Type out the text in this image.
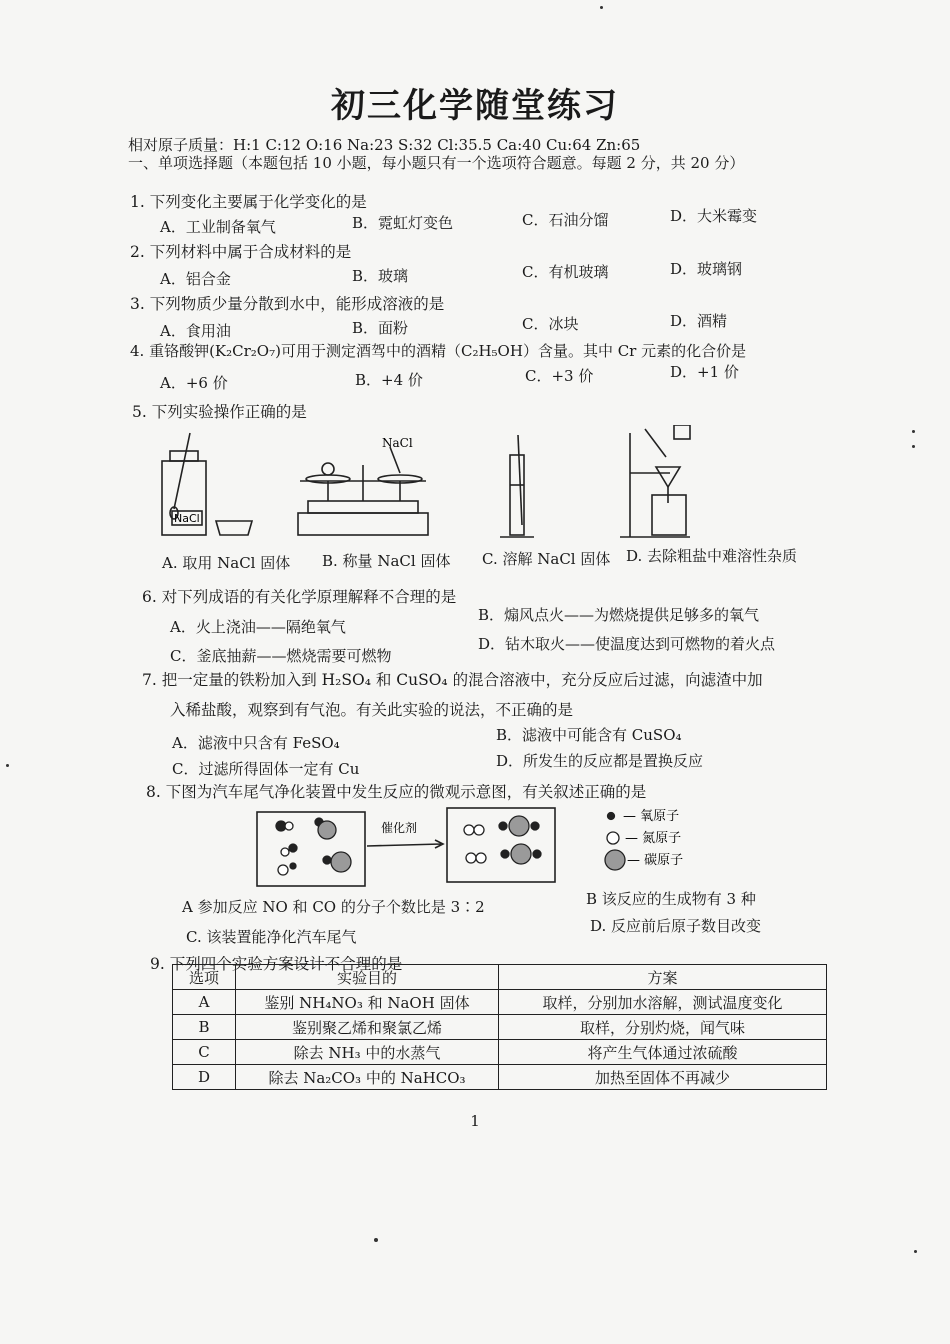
初三化学随堂练习
相对原子质量：H:1 C:12 O:16 Na:23 S:32 Cl:35.5 Ca:40 Cu:64 Zn:65
一、单项选择题（本题包括 10 小题，每小题只有一个选项符合题意。每题 2 分，共 20 分）
1. 下列变化主要属于化学变化的是
A．工业制备氧气	B．霓虹灯变色	C．石油分馏	D．大米霉变
2. 下列材料中属于合成材料的是
A．铝合金	B．玻璃	C．有机玻璃	D．玻璃钢
3. 下列物质少量分散到水中，能形成溶液的是
A．食用油	B．面粉	C．冰块	D．酒精
4. 重铬酸钾(K₂Cr₂O₇)可用于测定酒驾中的酒精（C₂H₅OH）含量。其中 Cr 元素的化合价是
A．+6 价	B．+4 价	C．+3 价	D．+1 价
5. 下列实验操作正确的是
NaCl
NaCl
A. 取用 NaCl 固体 B. 称量 NaCl 固体 C. 溶解 NaCl 固体 D. 去除粗盐中难溶性杂质
6. 对下列成语的有关化学原理解释不合理的是
A．火上浇油——隔绝氧气
B．煽风点火——为燃烧提供足够多的氧气
C．釜底抽薪——燃烧需要可燃物
D．钻木取火——使温度达到可燃物的着火点
7. 把一定量的铁粉加入到 H₂SO₄ 和 CuSO₄ 的混合溶液中，充分反应后过滤，向滤渣中加
入稀盐酸，观察到有气泡。有关此实验的说法，不正确的是
A．滤液中只含有 FeSO₄	B．滤液中可能含有 CuSO₄
C．过滤所得固体一定有 Cu	D．所发生的反应都是置换反应
8. 下图为汽车尾气净化装置中发生反应的微观示意图，有关叙述正确的是
催化剂
— 氧原子
— 氮原子
— 碳原子
A 参加反应 NO 和 CO 的分子个数比是 3∶2	B 该反应的生成物有 3 种
C. 该装置能净化汽车尾气
D. 反应前后原子数目改变
9. 下列四个实验方案设计不合理的是
选项	实验目的	方案
A	鉴别 NH₄NO₃ 和 NaOH 固体	取样，分别加水溶解，测试温度变化
B	鉴别聚乙烯和聚氯乙烯	取样，分别灼烧，闻气味
C	除去 NH₃ 中的水蒸气	将产生气体通过浓硫酸
D	除去 Na₂CO₃ 中的 NaHCO₃	加热至固体不再减少
1
